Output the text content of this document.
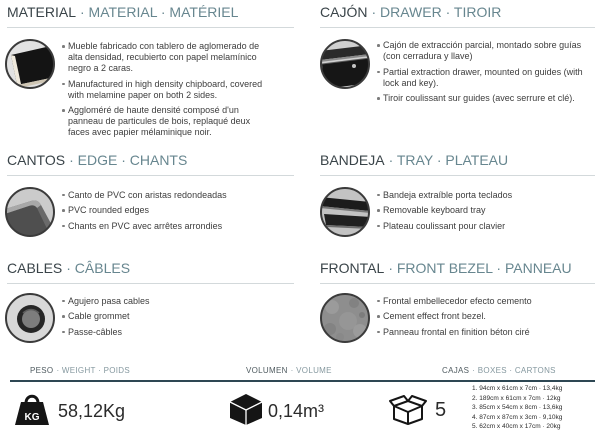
MATERIAL · MATERIAL · MATÉRIEL
Mueble fabricado con tablero de aglomerado de alta densidad, recubierto con papel melamínico negro a 2 caras.
Manufactured in high density chipboard, covered with melamine paper on both 2 sides.
Aggloméré de haute densité composé d'un panneau de particules de bois, replaqué deux faces avec papier mélaminique noir.
CAJÓN · DRAWER · TIROIR
Cajón de extracción parcial, montado sobre guías (con cerradura y llave)
Partial extraction drawer, mounted on guides (with lock and key).
Tiroir coulissant sur guides (avec serrure et clé).
CANTOS · EDGE · CHANTS
Canto de PVC con aristas redondeadas
PVC rounded edges
Chants en PVC avec arrêtes arrondies
BANDEJA · TRAY · PLATEAU
Bandeja extraíble porta teclados
Removable keyboard tray
Plateau coulissant pour clavier
CABLES · CÂBLES
Agujero pasa cables
Cable grommet
Passe-câbles
FRONTAL · FRONT BEZEL · PANNEAU
Frontal embellecedor efecto cemento
Cement effect front bezel.
Panneau frontal en finition béton ciré
PESO · WEIGHT · POIDS	VOLUMEN · VOLUME	CAJAS · BOXES · CARTONS
KG 58,12Kg	0,14m³	5
1. 94cm x 61cm x 7cm · 13,4kg
2. 189cm x 61cm x 7cm · 12kg
3. 85cm x 54cm x 8cm · 13,6kg
4. 87cm x 87cm x 3cm · 9,10kg
5. 62cm x 40cm x 17cm · 20kg
